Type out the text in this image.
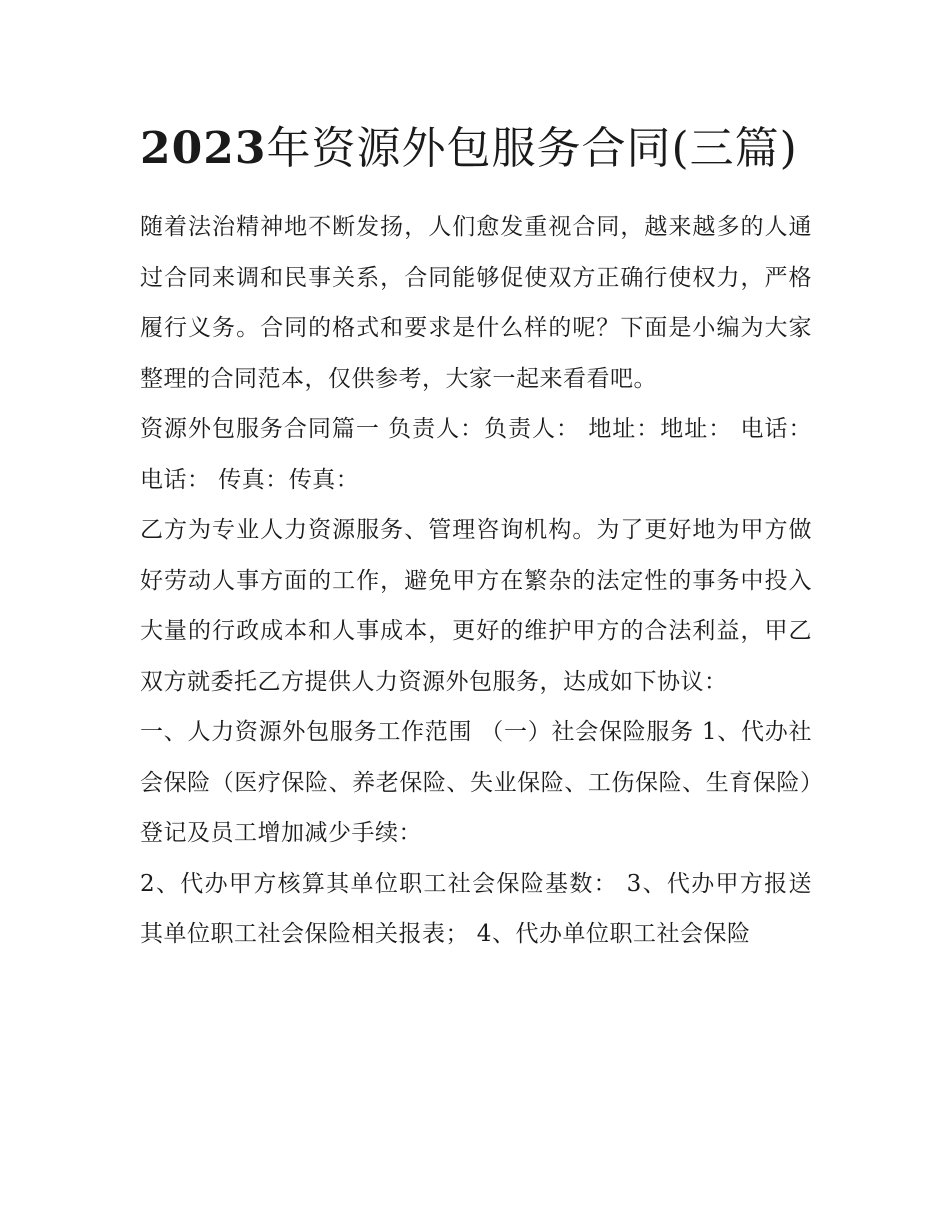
2023年资源外包服务合同(三篇)

随着法治精神地不断发扬，人们愈发重视合同，越来越多的人通过合同来调和民事关系，合同能够促使双方正确行使权力，严格履行义务。合同的格式和要求是什么样的呢？下面是小编为大家整理的合同范本，仅供参考，大家一起来看看吧。

资源外包服务合同篇一 负责人：负责人： 地址：地址： 电话：电话： 传真：传真：

乙方为专业人力资源服务、管理咨询机构。为了更好地为甲方做好劳动人事方面的工作，避免甲方在繁杂的法定性的事务中投入大量的行政成本和人事成本，更好的维护甲方的合法利益，甲乙双方就委托乙方提供人力资源外包服务，达成如下协议：

一、人力资源外包服务工作范围 （一）社会保险服务 1、代办社会保险（医疗保险、养老保险、失业保险、工伤保险、生育保险）登记及员工增加减少手续：

2、代办甲方核算其单位职工社会保险基数： 3、代办甲方报送其单位职工社会保险相关报表； 4、代办单位职工社会保险
